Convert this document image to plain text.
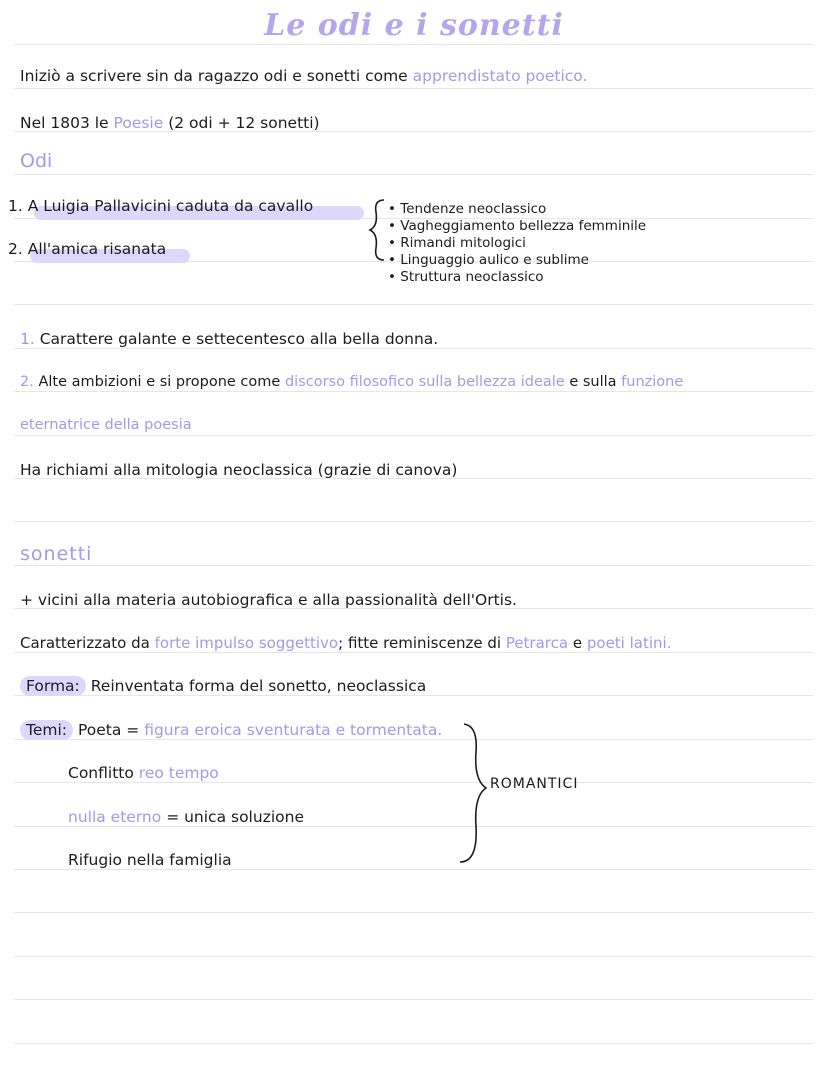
Le odi e i sonetti
Iniziò a scrivere sin da ragazzo odi e sonetti come apprendistato poetico.
Nel 1803 le Poesie (2 odi + 12 sonetti)
Odi
1. A Luigia Pallavicini caduta da cavallo
2. All'amica risanata
• Tendenze neoclassico
• Vagheggiamento bellezza femminile
• Rimandi mitologici
• Linguaggio aulico e sublime
• Struttura neoclassico
1. Carattere galante e settecentesco alla bella donna.
2. Alte ambizioni e si propone come discorso filosofico sulla bellezza ideale e sulla funzione
eternatrice della poesia
Ha richiami alla mitologia neoclassica (grazie di canova)
sonetti
+ vicini alla materia autobiografica e alla passionalità dell'Ortis.
Caratterizzato da forte impulso soggettivo; fitte reminiscenze di Petrarca e poeti latini.
Forma: Reinventata forma del sonetto, neoclassica
Temi: Poeta = figura eroica sventurata e tormentata.
Conflitto reo tempo
nulla eterno = unica soluzione
Rifugio nella famiglia
ROMANTICI
